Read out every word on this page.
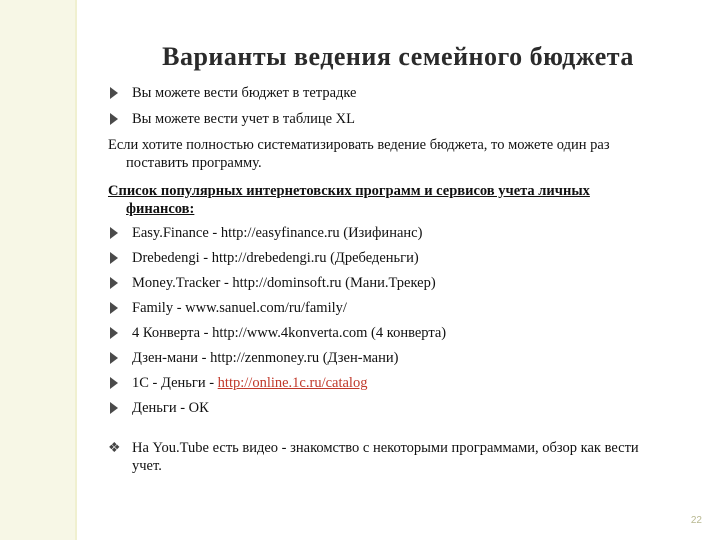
Варианты ведения семейного бюджета
Вы можете вести бюджет в тетрадке
Вы можете вести учет в таблице XL
Если хотите полностью систематизировать ведение бюджета, то можете один раз
поставить программу.
Список популярных интернетовских программ и сервисов учета личных
финансов:
Easy.Finance - http://easyfinance.ru (Изифинанс)
Drebedengi - http://drebedengi.ru (Дребеденьги)
Money.Tracker - http://dominsoft.ru (Мани.Трекер)
Family - www.sanuel.com/ru/family/
4 Конверта - http://www.4konverta.com (4 конверта)
Дзен-мани - http://zenmoney.ru (Дзен-мани)
1С - Деньги - http://online.1c.ru/catalog
Деньги - ОК
❖ На You.Tube есть видео - знакомство с некоторыми программами, обзор как вести
учет.
22
